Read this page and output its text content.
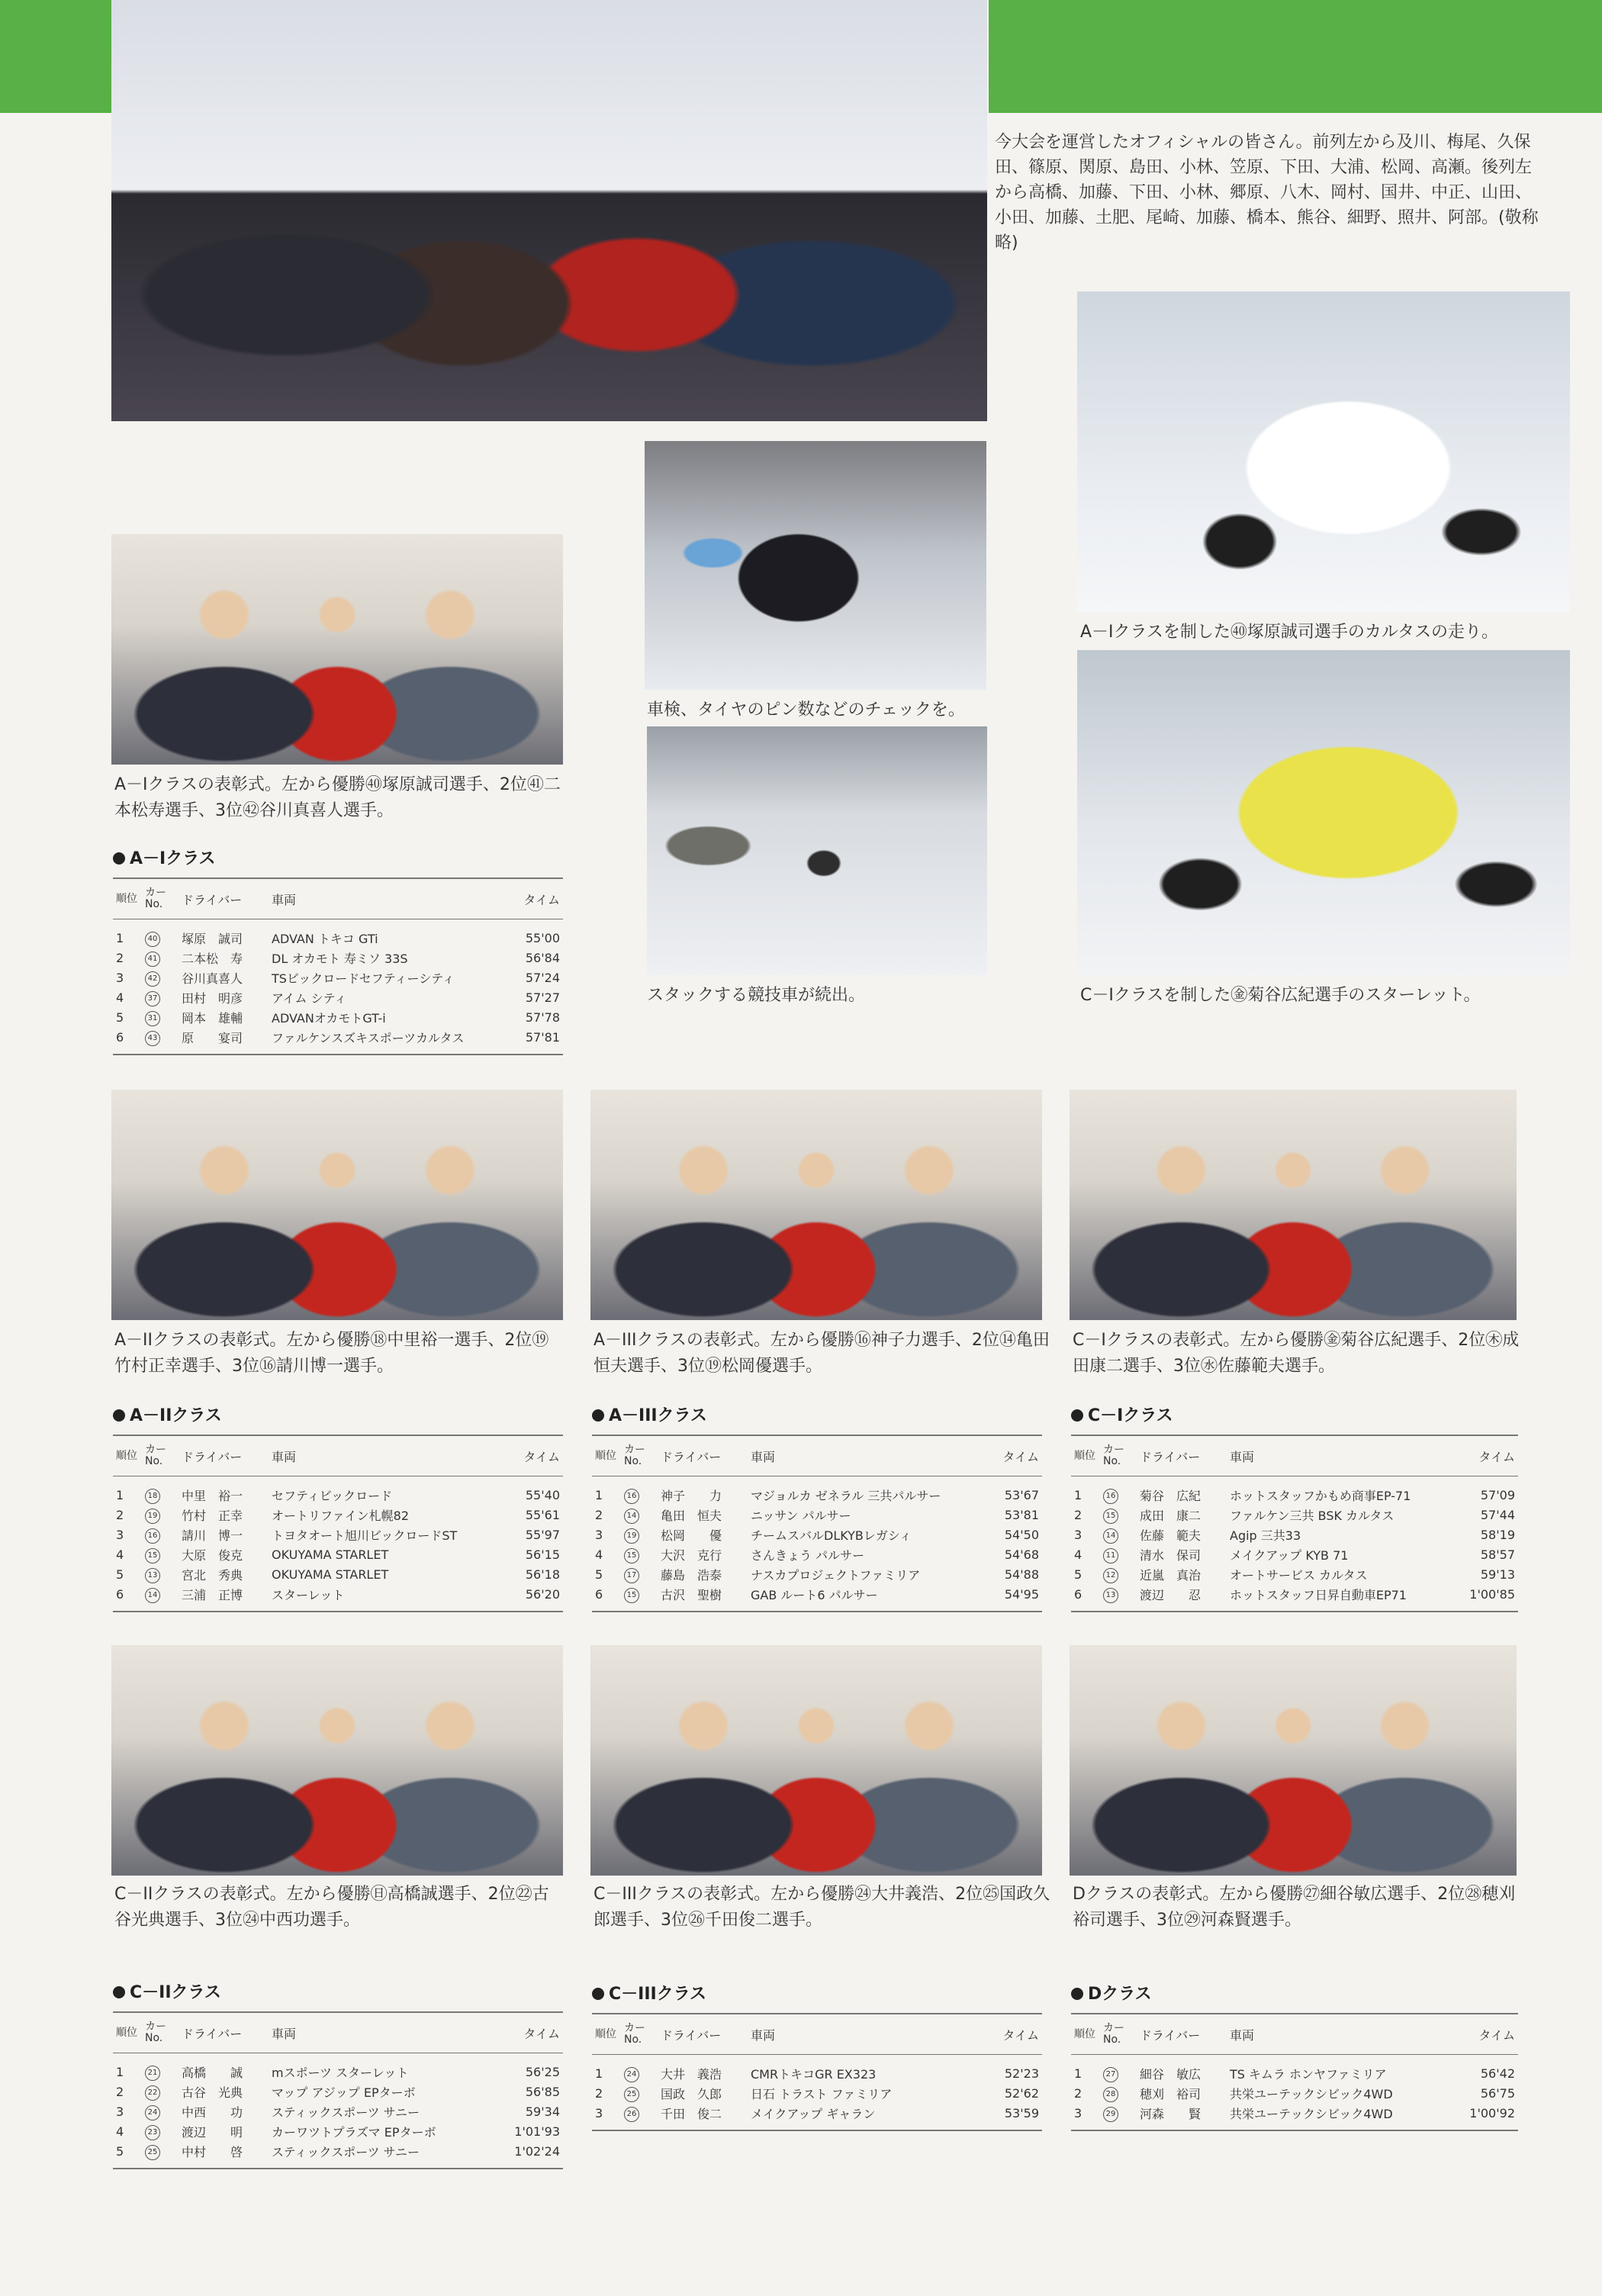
今大会を運営したオフィシャルの皆さん。前列左から及川、梅尾、久保田、篠原、関原、島田、小林、笠原、下田、大浦、松岡、高瀬。後列左から高橋、加藤、下田、小林、郷原、八木、岡村、国井、中正、山田、小田、加藤、土肥、尾崎、加藤、橋本、熊谷、細野、照井、阿部。(敬称略)
A－Iクラスを制した㊵塚原誠司選手のカルタスの走り。
車検、タイヤのピン数などのチェックを。
スタックする競技車が続出。	C－Iクラスを制した㊎菊谷広紀選手のスターレット。
A－Iクラスの表彰式。左から優勝㊵塚原誠司選手、2位㊶二本松寿選手、3位㊷谷川真喜人選手。
A－Iクラス
順位	カーNo.	ドライバー	車両	タイム
1	40	塚原　誠司	ADVAN トキコ GTi	55'00
2	41	二本松　寿	DL オカモト 寿ミソ 33S	56'84
3	42	谷川真喜人	TSビックロードセフティーシティ	57'24
4	37	田村　明彦	アイム シティ	57'27
5	31	岡本　雄輔	ADVANオカモトGT-i	57'78
6	43	原　　宴司	ファルケンスズキスポーツカルタス	57'81
A－IIクラスの表彰式。左から優勝⑱中里裕一選手、2位⑲竹村正幸選手、3位⑯請川博一選手。
A－IIクラス
順位	カーNo.	ドライバー	車両	タイム
1	18	中里　裕一	セフティビックロード	55'40
2	19	竹村　正幸	オートリファイン札幌82	55'61
3	16	請川　博一	トヨタオート旭川ビックロードST	55'97
4	15	大原　俊克	OKUYAMA STARLET	56'15
5	13	宮北　秀典	OKUYAMA STARLET	56'18
6	14	三浦　正博	スターレット	56'20
A－IIIクラスの表彰式。左から優勝⑯神子力選手、2位⑭亀田恒夫選手、3位⑲松岡優選手。
A－IIIクラス
順位	カーNo.	ドライバー	車両	タイム
1	16	神子　　力	マジョルカ ゼネラル 三共パルサー	53'67
2	14	亀田　恒夫	ニッサン パルサー	53'81
3	19	松岡　　優	チームスバルDLKYBレガシィ	54'50
4	15	大沢　克行	さんきょう パルサー	54'68
5	17	藤島　浩泰	ナスカプロジェクトファミリア	54'88
6	15	古沢　聖樹	GAB ルート6 パルサー	54'95
C－Iクラスの表彰式。左から優勝㊎菊谷広紀選手、2位㊍成田康二選手、3位㊌佐藤範夫選手。
C－Iクラス
順位	カーNo.	ドライバー	車両	タイム
1	16	菊谷　広紀	ホットスタッフかもめ商事EP-71	57'09
2	15	成田　康二	ファルケン三共 BSK カルタス	57'44
3	14	佐藤　範夫	Agip 三共33	58'19
4	11	清水　保司	メイクアップ KYB 71	58'57
5	12	近嵐　真治	オートサービス カルタス	59'13
6	13	渡辺　　忍	ホットスタッフ日昇自動車EP71	1'00'85
C－IIクラスの表彰式。左から優勝㊐高橋誠選手、2位㉒古谷光典選手、3位㉔中西功選手。
C－IIクラス
順位	カーNo.	ドライバー	車両	タイム
1	21	高橋　　誠	mスポーツ スターレット	56'25
2	22	古谷　光典	マップ アジップ EPターボ	56'85
3	24	中西　　功	スティックスポーツ サニー	59'34
4	23	渡辺　　明	カーワツトプラズマ EPターボ	1'01'93
5	25	中村　　啓	スティックスポーツ サニー	1'02'24
C－IIIクラスの表彰式。左から優勝㉔大井義浩、2位㉕国政久郎選手、3位㉖千田俊二選手。
C－IIIクラス
順位	カーNo.	ドライバー	車両	タイム
1	24	大井　義浩	CMRトキコGR EX323	52'23
2	25	国政　久郎	日石 トラスト ファミリア	52'62
3	26	千田　俊二	メイクアップ ギャラン	53'59
Dクラスの表彰式。左から優勝㉗細谷敏広選手、2位㉘穂刈裕司選手、3位㉙河森賢選手。
Dクラス
順位	カーNo.	ドライバー	車両	タイム
1	27	細谷　敏広	TS キムラ ホンヤファミリア	56'42
2	28	穂刈　裕司	共栄ユーテックシビック4WD	56'75
3	29	河森　　賢	共栄ユーテックシビック4WD	1'00'92
